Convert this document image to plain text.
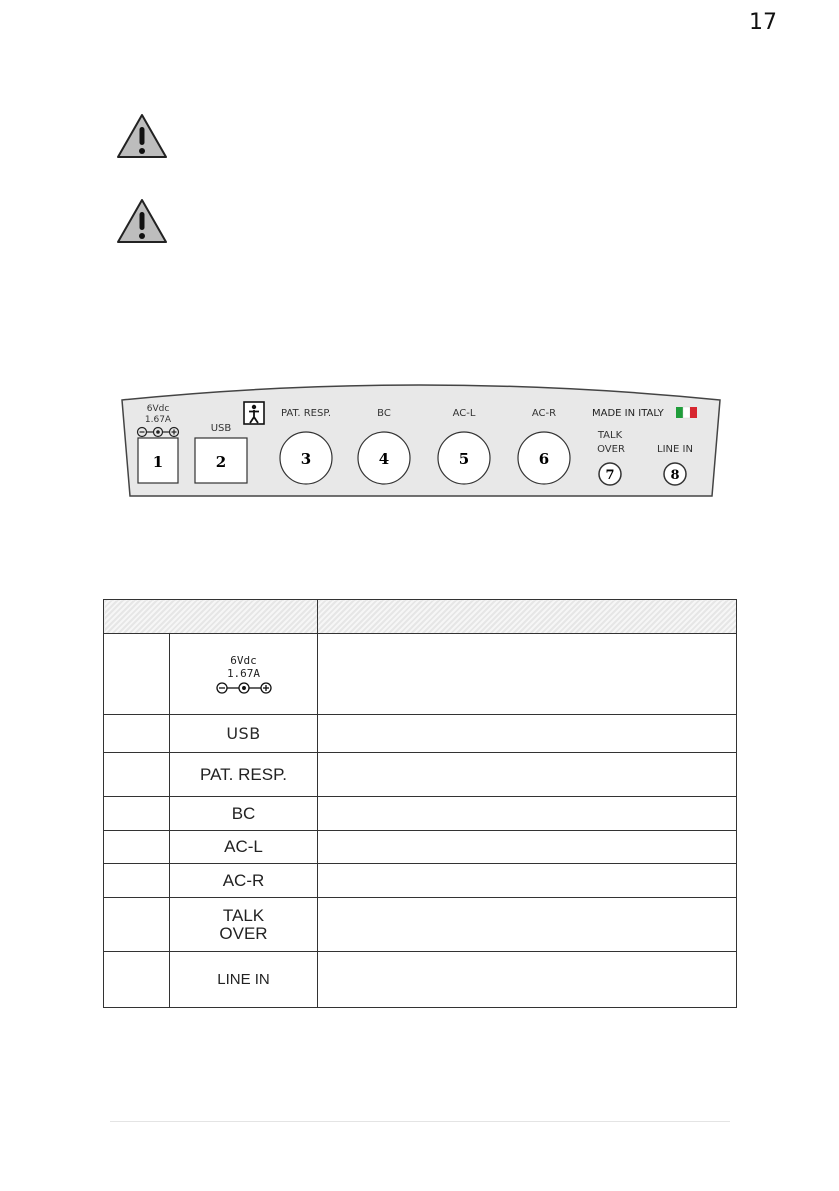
17
6Vdc
1.67A
1
USB
2
PAT. RESP.
3
BC
4
AC-L
5
AC-R
6
MADE IN ITALY
TALK
OVER
7
LINE IN
8

	6Vdc
1.67A	

	USB	
	PAT. RESP.	
	BC	
	AC-L	
	AC-R	

	TALK
OVER	

	LINE IN	
